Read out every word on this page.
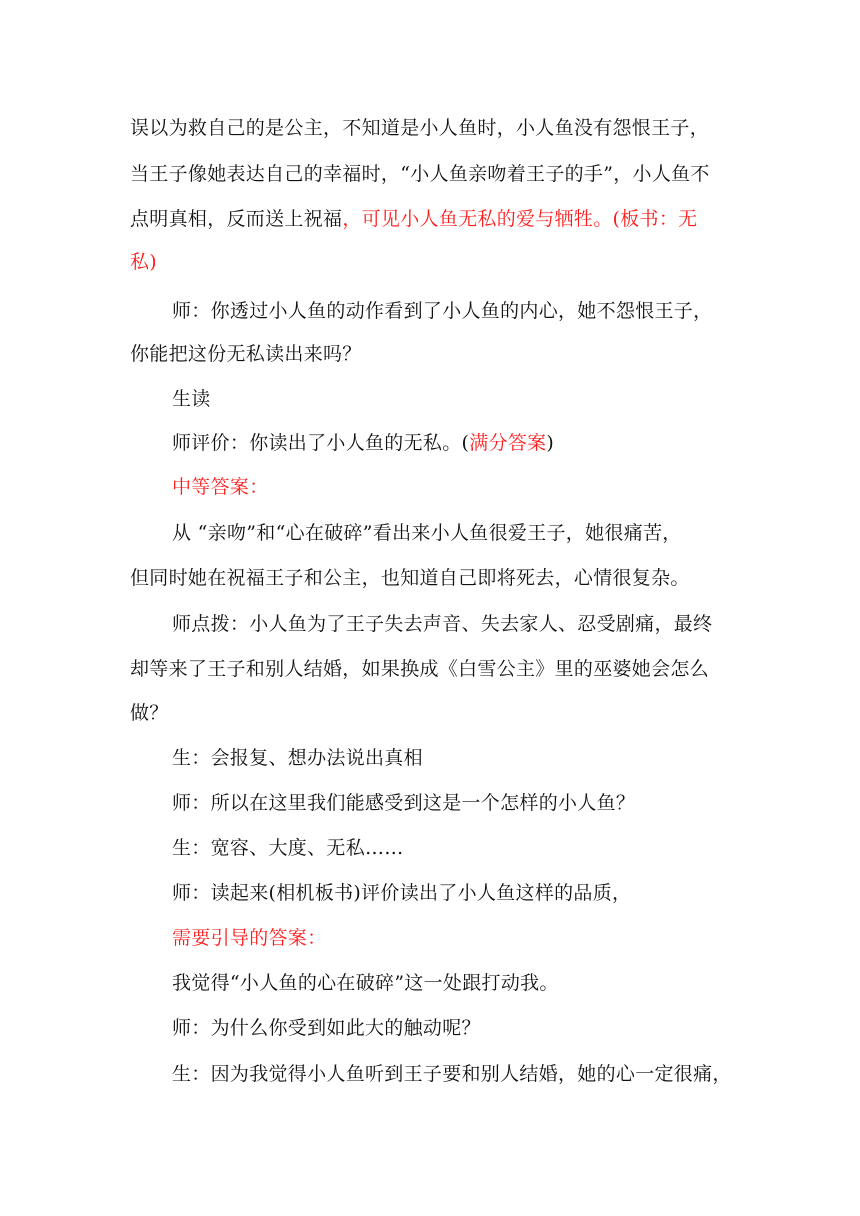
误以为救自己的是公主，不知道是小人鱼时，小人鱼没有怨恨王子，
当王子像她表达自己的幸福时，“小人鱼亲吻着王子的手”，小人鱼不
点明真相，反而送上祝福，可见小人鱼无私的爱与牺牲。(板书：无
私)
师：你透过小人鱼的动作看到了小人鱼的内心，她不怨恨王子，
你能把这份无私读出来吗？
生读
师评价：你读出了小人鱼的无私。(满分答案)
中等答案：
从 “亲吻”和“心在破碎”看出来小人鱼很爱王子，她很痛苦，
但同时她在祝福王子和公主，也知道自己即将死去，心情很复杂。
师点拨：小人鱼为了王子失去声音、失去家人、忍受剧痛，最终
却等来了王子和别人结婚，如果换成《白雪公主》里的巫婆她会怎么
做？
生：会报复、想办法说出真相
师：所以在这里我们能感受到这是一个怎样的小人鱼？
生：宽容、大度、无私……
师：读起来(相机板书)评价读出了小人鱼这样的品质，
需要引导的答案：
我觉得“小人鱼的心在破碎”这一处跟打动我。
师：为什么你受到如此大的触动呢？
生：因为我觉得小人鱼听到王子要和别人结婚，她的心一定很痛，
